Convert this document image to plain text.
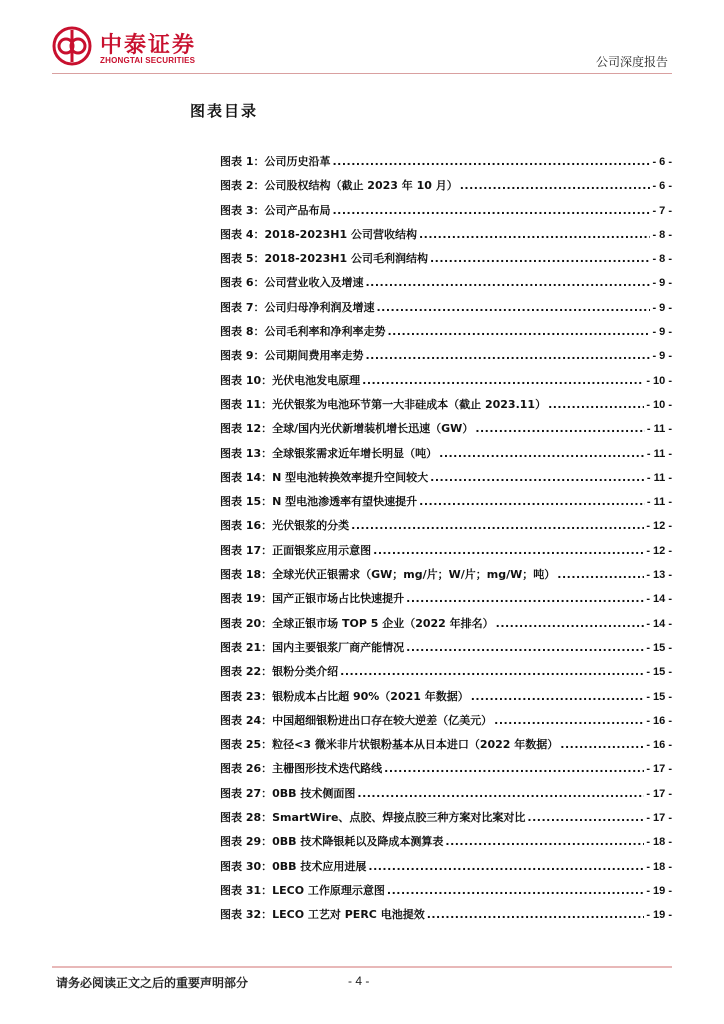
中泰证券
ZHONGTAI SECURITIES	公司深度报告
图表目录
图表 1：公司历史沿革 .....	- 6 -
图表 2：公司股权结构（截止 2023 年 10 月） .....	- 6 -
图表 3：公司产品布局 .....	- 7 -
图表 4：2018-2023H1 公司营收结构 .....	- 8 -
图表 5：2018-2023H1 公司毛利润结构 .....	- 8 -
图表 6：公司营业收入及增速 .....	- 9 -
图表 7：公司归母净利润及增速 .....	- 9 -
图表 8：公司毛利率和净利率走势 .....	- 9 -
图表 9：公司期间费用率走势 .....	- 9 -
图表 10：光伏电池发电原理 .....	- 10 -
图表 11：光伏银浆为电池环节第一大非硅成本（截止 2023.11） .....	- 10 -
图表 12：全球/国内光伏新增装机增长迅速（GW） .....	- 11 -
图表 13：全球银浆需求近年增长明显（吨） .....	- 11 -
图表 14：N 型电池转换效率提升空间较大 .....	- 11 -
图表 15：N 型电池渗透率有望快速提升 .....	- 11 -
图表 16：光伏银浆的分类 .....	- 12 -
图表 17：正面银浆应用示意图 .....	- 12 -
图表 18：全球光伏正银需求（GW；mg/片；W/片；mg/W；吨） .....	- 13 -
图表 19：国产正银市场占比快速提升 .....	- 14 -
图表 20：全球正银市场 TOP 5 企业（2022 年排名） .....	- 14 -
图表 21：国内主要银浆厂商产能情况 .....	- 15 -
图表 22：银粉分类介绍 .....	- 15 -
图表 23：银粉成本占比超 90%（2021 年数据） .....	- 15 -
图表 24：中国超细银粉进出口存在较大逆差（亿美元） .....	- 16 -
图表 25：粒径<3 微米非片状银粉基本从日本进口（2022 年数据） .....	- 16 -
图表 26：主栅图形技术迭代路线 .....	- 17 -
图表 27：0BB 技术侧面图 .....	- 17 -
图表 28：SmartWire、点胶、焊接点胶三种方案对比案对比 .....	- 17 -
图表 29：0BB 技术降银耗以及降成本测算表 .....	- 18 -
图表 30：0BB 技术应用进展 .....	- 18 -
图表 31：LECO 工作原理示意图 .....	- 19 -
图表 32：LECO 工艺对 PERC 电池提效 .....	- 19 -
请务必阅读正文之后的重要声明部分	- 4 -
